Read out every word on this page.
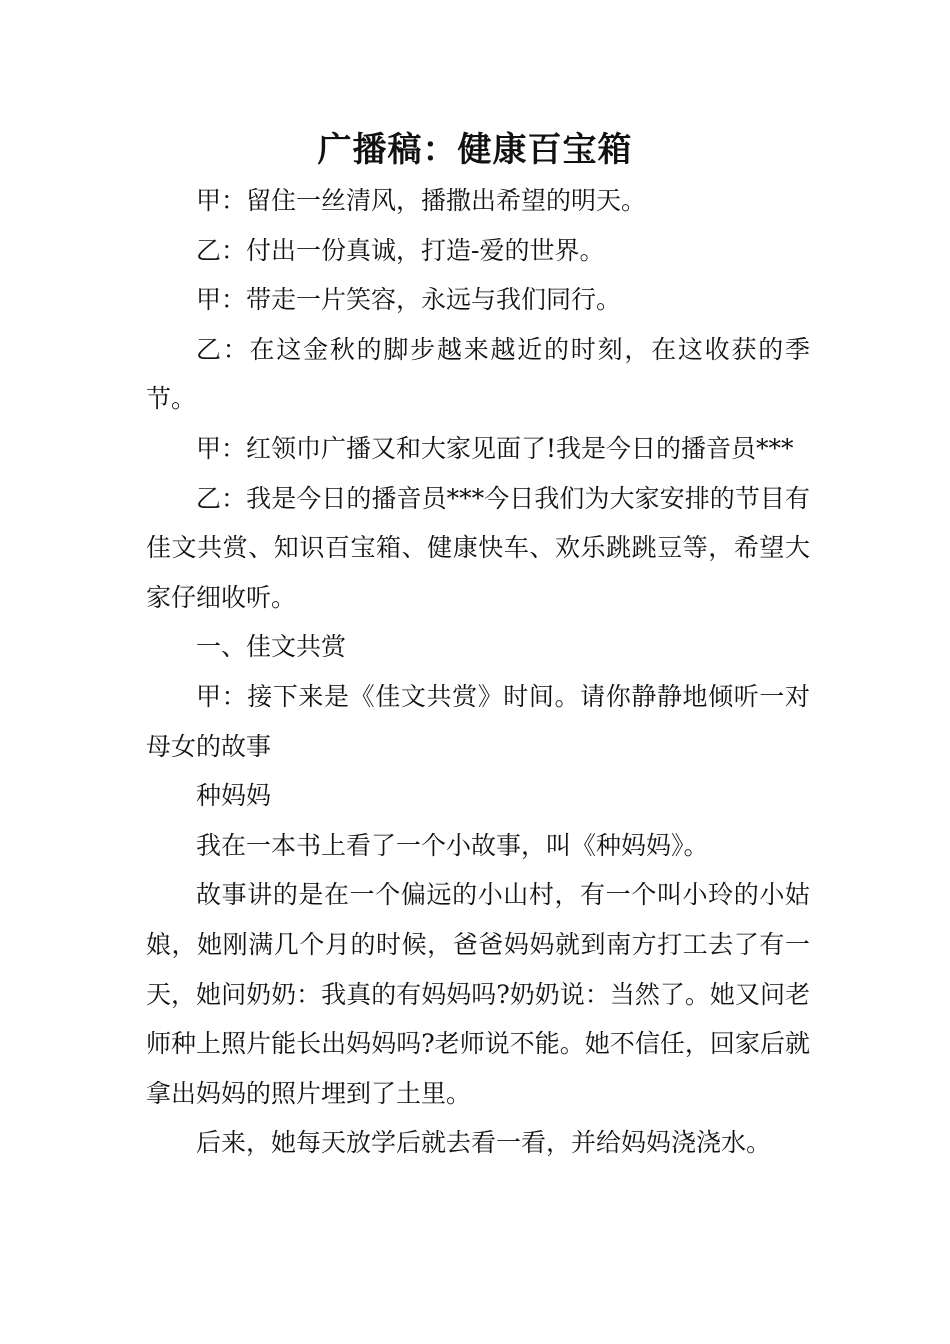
广播稿：健康百宝箱

甲：留住一丝清风，播撒出希望的明天。

乙：付出一份真诚，打造-爱的世界。

甲：带走一片笑容，永远与我们同行。

乙：在这金秋的脚步越来越近的时刻，在这收获的季节。

甲：红领巾广播又和大家见面了!我是今日的播音员***

乙：我是今日的播音员***今日我们为大家安排的节目有佳文共赏、知识百宝箱、健康快车、欢乐跳跳豆等，希望大家仔细收听。

一、佳文共赏

甲：接下来是《佳文共赏》时间。请你静静地倾听一对母女的故事

种妈妈

我在一本书上看了一个小故事，叫《种妈妈》。

故事讲的是在一个偏远的小山村，有一个叫小玲的小姑娘，她刚满几个月的时候，爸爸妈妈就到南方打工去了有一天，她问奶奶：我真的有妈妈吗?奶奶说：当然了。她又问老师种上照片能长出妈妈吗?老师说不能。她不信任，回家后就拿出妈妈的照片埋到了土里。

后来，她每天放学后就去看一看，并给妈妈浇浇水。
